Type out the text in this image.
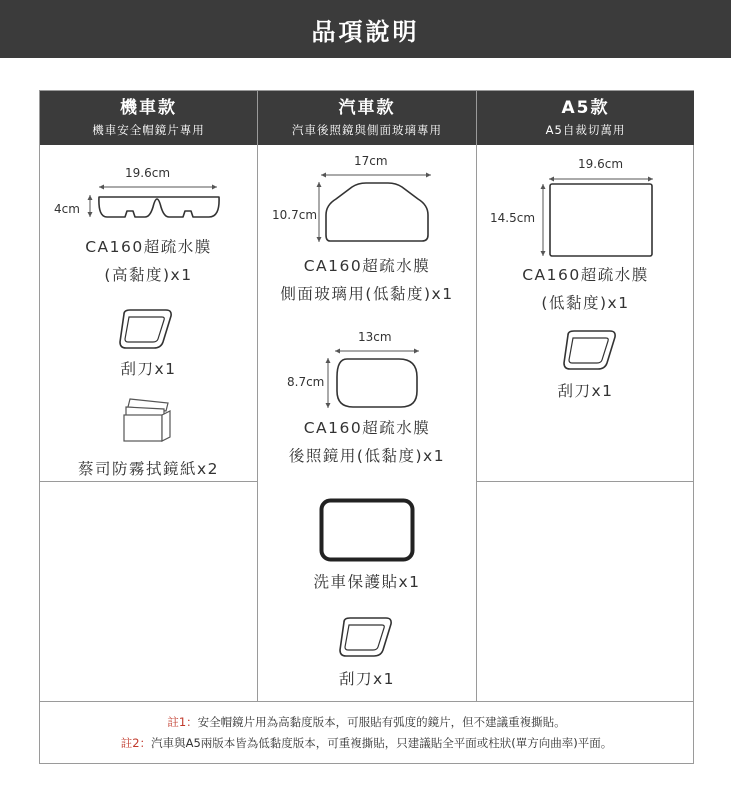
品項說明
機車款
機車安全帽鏡片專用
汽車款
汽車後照鏡與側面玻璃專用
A5款
A5自裁切萬用
19.6cm
4cm
CA160超疏水膜
(高黏度)x1
刮刀x1
蔡司防霧拭鏡紙x2
17cm
10.7cm
CA160超疏水膜
側面玻璃用(低黏度)x1
13cm
8.7cm
CA160超疏水膜
後照鏡用(低黏度)x1
洗車保護貼x1
刮刀x1
19.6cm
14.5cm
CA160超疏水膜
(低黏度)x1
刮刀x1
註1：安全帽鏡片用為高黏度版本，可服貼有弧度的鏡片，但不建議重複撕貼。
註2：汽車與A5兩版本皆為低黏度版本，可重複撕貼，只建議貼全平面或柱狀(單方向曲率)平面。
